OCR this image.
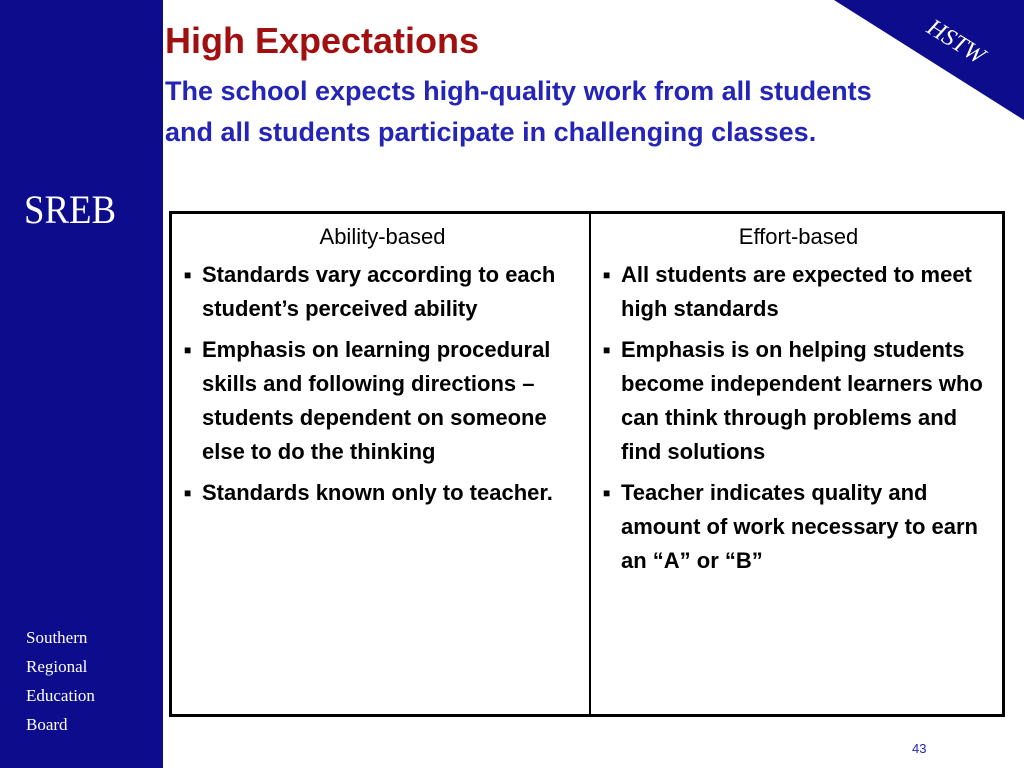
SREB
Southern
Regional
Education
Board
HSTW
High Expectations
The school expects high-quality work from all students and all students participate in challenging classes.
Ability-based
■ Standards vary according to each student’s perceived ability
■ Emphasis on learning procedural skills and following directions – students dependent on someone else to do the thinking
■ Standards known only to teacher.
Effort-based
■ All students are expected to meet high standards
■ Emphasis is on helping students become independent learners who can think through problems and find solutions
■ Teacher indicates quality and amount of work necessary to earn an “A” or “B”
43
